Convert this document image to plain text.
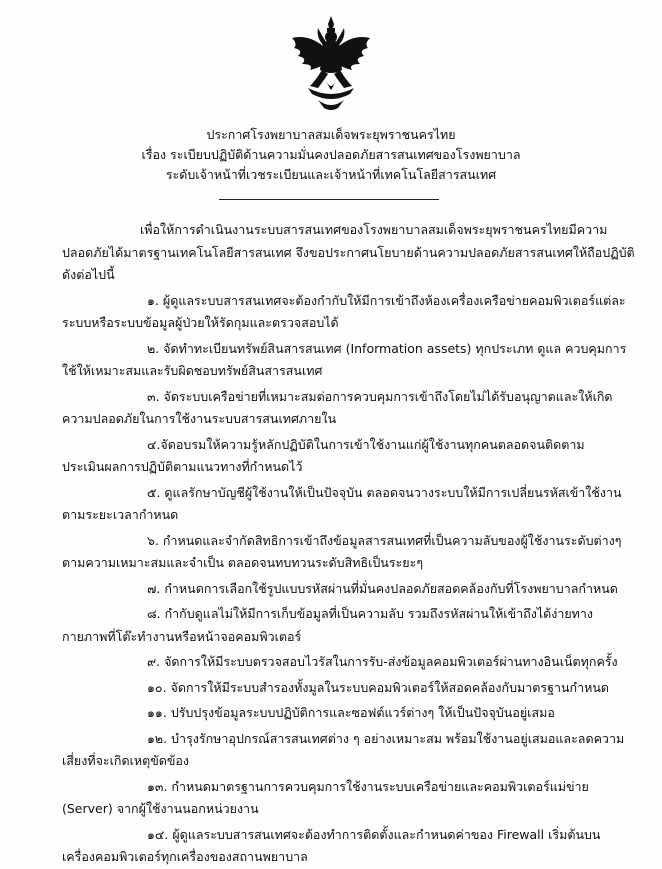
ประกาศโรงพยาบาลสมเด็จพระยุพราชนครไทย
เรื่อง ระเบียบปฏิบัติด้านความมั่นคงปลอดภัยสารสนเทศของโรงพยาบาล
ระดับเจ้าหน้าที่เวชระเบียนและเจ้าหน้าที่เทคโนโลยีสารสนเทศ

เพื่อให้การดำเนินงานระบบสารสนเทศของโรงพยาบาลสมเด็จพระยุพราชนครไทยมีความ

ปลอดภัยได้มาตรฐานเทคโนโลยีสารสนเทศ จึงขอประกาศนโยบายด้านความปลอดภัยสารสนเทศให้ถือปฏิบัติ

ดังต่อไปนี้

๑. ผู้ดูแลระบบสารสนเทศจะต้องกำกับให้มีการเข้าถึงห้องเครื่องเครือข่ายคอมพิวเตอร์แต่ละ

ระบบหรือระบบข้อมูลผู้ป่วยให้รัดกุมและตรวจสอบได้

๒. จัดทำทะเบียนทรัพย์สินสารสนเทศ (Information assets) ทุกประเภท ดูแล ควบคุมการ

ใช้ให้เหมาะสมและรับผิดชอบทรัพย์สินสารสนเทศ

๓. จัดระบบเครือข่ายที่เหมาะสมต่อการควบคุมการเข้าถึงโดยไม่ได้รับอนุญาตและให้เกิด

ความปลอดภัยในการใช้งานระบบสารสนเทศภายใน

๔.จัดอบรมให้ความรู้หลักปฏิบัติในการเข้าใช้งานแก่ผู้ใช้งานทุกคนตลอดจนติดตาม

ประเมินผลการปฏิบัติตามแนวทางที่กำหนดไว้

๕. ดูแลรักษาบัญชีผู้ใช้งานให้เป็นปัจจุบัน ตลอดจนวางระบบให้มีการเปลี่ยนรหัสเข้าใช้งาน

ตามระยะเวลากำหนด

๖. กำหนดและจำกัดสิทธิการเข้าถึงข้อมูลสารสนเทศที่เป็นความลับของผู้ใช้งานระดับต่างๆ

ตามความเหมาะสมและจำเป็น ตลอดจนทบทวนระดับสิทธิเป็นระยะๆ

๗. กำหนดการเลือกใช้รูปแบบรหัสผ่านที่มั่นคงปลอดภัยสอดคล้องกับที่โรงพยาบาลกำหนด

๘. กำกับดูแลไม่ให้มีการเก็บข้อมูลที่เป็นความลับ รวมถึงรหัสผ่านให้เข้าถึงได้ง่ายทาง

กายภาพที่โต๊ะทำงานหรือหน้าจอคอมพิวเตอร์

๙. จัดการให้มีระบบตรวจสอบไวรัสในการรับ-ส่งข้อมูลคอมพิวเตอร์ผ่านทางอินเน็ตทุกครั้ง

๑๐. จัดการให้มีระบบสำรองทั้งมูลในระบบคอมพิวเตอร์ให้สอดคล้องกับมาตรฐานกำหนด

๑๑. ปรับปรุงข้อมูลระบบปฏิบัติการและซอฟต์แวร์ต่างๆ ให้เป็นปัจจุบันอยู่เสมอ

๑๒. บำรุงรักษาอุปกรณ์สารสนเทศต่าง ๆ อย่างเหมาะสม พร้อมใช้งานอยู่เสมอและลดความ

เสี่ยงที่จะเกิดเหตุขัดข้อง

๑๓. กำหนดมาตรฐานการควบคุมการใช้งานระบบเครือข่ายและคอมพิวเตอร์แม่ข่าย

(Server) จากผู้ใช้งานนอกหน่วยงาน

๑๔. ผู้ดูแลระบบสารสนเทศจะต้องทำการติดตั้งและกำหนดค่าของ Firewall เริ่มต้นบน

เครื่องคอมพิวเตอร์ทุกเครื่องของสถานพยาบาล
